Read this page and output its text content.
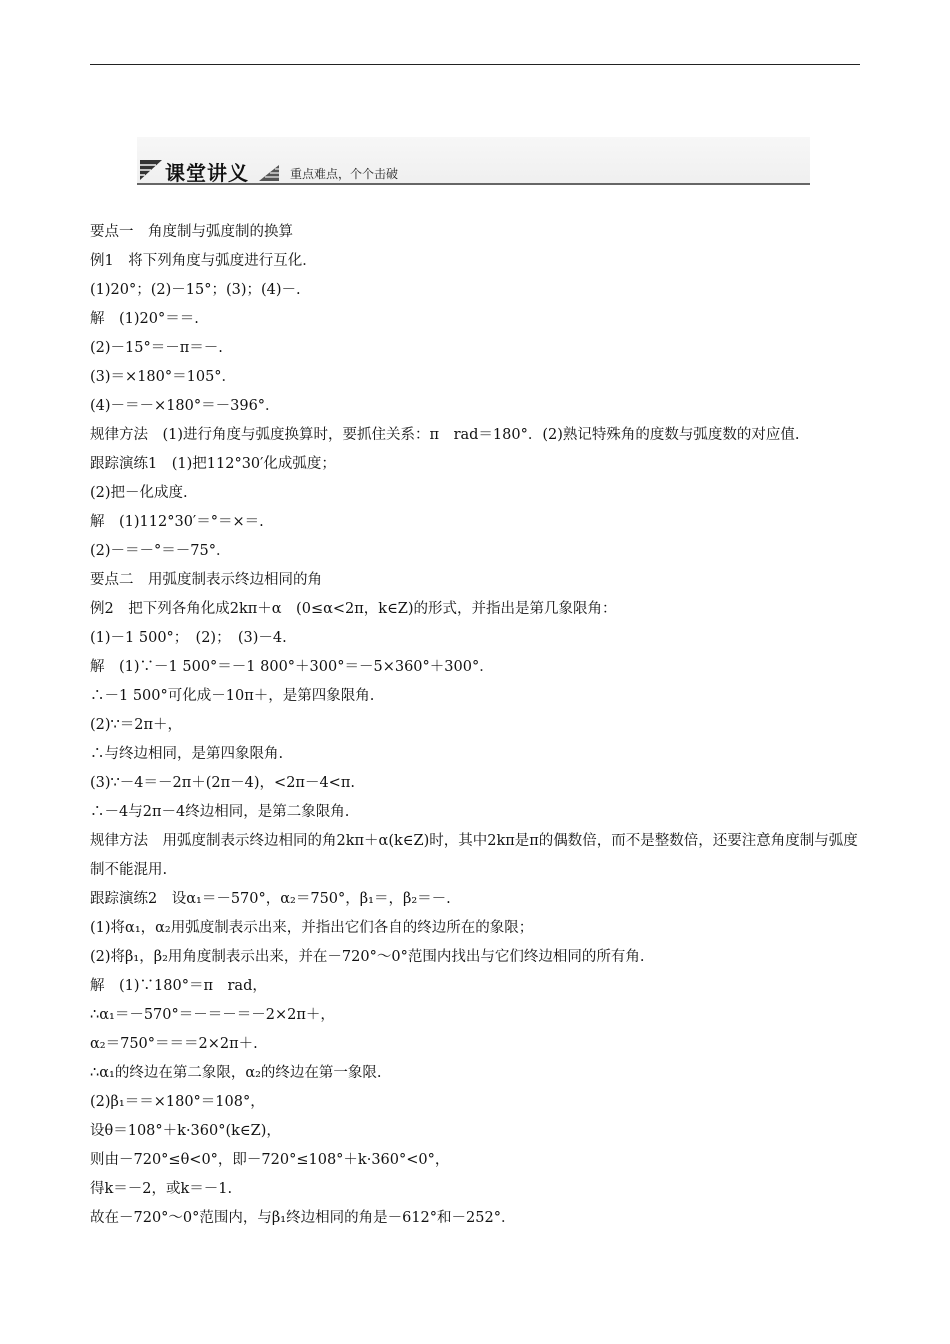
课堂讲义	重点难点，个个击破
要点一　角度制与弧度制的换算
例1　将下列角度与弧度进行互化．
(1)20°；(2)－15°；(3)；(4)－.
解　(1)20°＝＝.
(2)－15°＝－π＝－.
(3)＝×180°＝105°．
(4)－＝－×180°＝－396°．
规律方法　(1)进行角度与弧度换算时，要抓住关系：π　rad＝180°．(2)熟记特殊角的度数与弧度数的对应值.
跟踪演练1　(1)把112°30′化成弧度；
(2)把－化成度.
解　(1)112°30′＝°＝×＝.
(2)－＝－°＝－75°．
要点二　用弧度制表示终边相同的角
例2　把下列各角化成2kπ＋α　(0≤α<2π，k∈Z)的形式，并指出是第几象限角：
(1)－1 500°；　(2)；　(3)－4.
解　(1)∵－1 500°＝－1 800°＋300°＝－5×360°＋300°．
∴－1 500°可化成－10π＋，是第四象限角.
(2)∵＝2π＋，
∴与终边相同，是第四象限角.
(3)∵－4＝－2π＋(2π－4)，<2π－4<π.
∴－4与2π－4终边相同，是第二象限角.
规律方法　用弧度制表示终边相同的角2kπ＋α(k∈Z)时，其中2kπ是π的偶数倍，而不是整数倍，还要注意角度制与弧度制不能混用.
跟踪演练2　设α₁＝－570°，α₂＝750°，β₁＝，β₂＝－.
(1)将α₁，α₂用弧度制表示出来，并指出它们各自的终边所在的象限；
(2)将β₁，β₂用角度制表示出来，并在－720°～0°范围内找出与它们终边相同的所有角.
解　(1)∵180°＝π　rad，
∴α₁＝－570°＝－＝－＝－2×2π＋，
α₂＝750°＝＝＝2×2π＋.
∴α₁的终边在第二象限，α₂的终边在第一象限.
(2)β₁＝＝×180°＝108°，
设θ＝108°＋k·360°(k∈Z)，
则由－720°≤θ<0°，即－720°≤108°＋k·360°<0°，
得k＝－2，或k＝－1.
故在－720°～0°范围内，与β₁终边相同的角是－612°和－252°．
